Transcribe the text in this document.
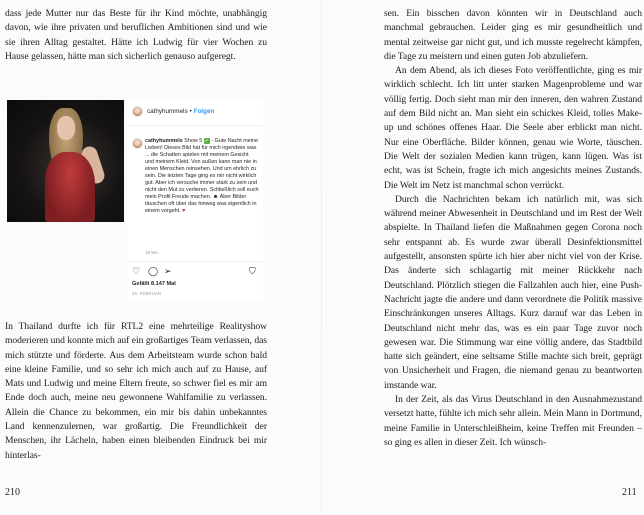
dass jede Mutter nur das Beste für ihr Kind möchte, unabhängig davon, wie ihre privaten und beruflichen Ambitionen sind und wie sie ihren Alltag gestaltet. Hätte ich Ludwig für vier Wochen zu Hause gelassen, hätte man sich sicherlich genauso aufgeregt.

cathyhummels • Folgen
cathyhummels Show 5 ✓ - Gute Nacht meine Lieben! Dieses Bild hat für mich irgendwie was ... die Schatten spielen mit meinem Gesicht und meinem Kleid. Von außen kann man nie in einen Menschen reinsehen. Und um ehrlich zu sein. Die letzten Tage ging es mir nicht wirklich gut. Aber ich versuche immer stark zu sein und nicht den Mut zu verlieren. Schließlich soll euch mein Profil Freude machen. ☻ Aber Bilder täuschen oft über das hinweg was eigentlich in einem vorgeht. ♥
18 Wo.
♡ ◯ ➢	⛉
Gefällt 8.147 Mal
25. FEBRUAR

In Thailand durfte ich für RTL2 eine mehrteilige Realityshow moderieren und konnte mich auf ein großartiges Team verlassen, das mich stützte und förderte. Aus dem Arbeitsteam wurde schon bald eine kleine Familie, und so sehr ich mich auch auf zu Hause, auf Mats und Ludwig und meine Eltern freute, so schwer fiel es mir am Ende doch auch, meine neu gewonnene Wahlfamilie zu verlassen. Allein die Chance zu bekommen, ein mir bis dahin unbekanntes Land kennenzulernen, war großartig. Die Freundlichkeit der Menschen, ihr Lächeln, haben einen bleibenden Eindruck bei mir hinterlas-

210

sen. Ein bisschen davon könnten wir in Deutschland auch manchmal gebrauchen. Leider ging es mir gesundheitlich und mental zeitweise gar nicht gut, und ich musste regelrecht kämpfen, die Tage zu meistern und einen guten Job abzuliefern.

An dem Abend, als ich dieses Foto veröffentlichte, ging es mir wirklich schlecht. Ich litt unter starken Magenprobleme und war völlig fertig. Doch sieht man mir den inneren, den wahren Zustand auf dem Bild nicht an. Man sieht ein schickes Kleid, tolles Make-up und schönes offenes Haar. Die Seele aber erblickt man nicht. Nur eine Oberfläche. Bilder können, genau wie Worte, täuschen. Die Welt der sozialen Medien kann trügen, kann lügen. Was ist echt, was ist Schein, fragte ich mich angesichts meines Zustands. Die Welt im Netz ist manchmal schon verrückt.

Durch die Nachrichten bekam ich natürlich mit, was sich während meiner Abwesenheit in Deutschland und im Rest der Welt abspielte. In Thailand liefen die Maßnahmen gegen Corona noch sehr entspannt ab. Es wurde zwar überall Desinfektionsmittel aufgestellt, ansonsten spürte ich hier aber nicht viel von der Krise. Das änderte sich schlagartig mit meiner Rückkehr nach Deutschland. Plötzlich stiegen die Fallzahlen auch hier, eine Push-Nachricht jagte die andere und dann verordnete die Politik massive Einschränkungen unseres Alltags. Kurz darauf war das Leben in Deutschland nicht mehr das, was es ein paar Tage zuvor noch gewesen war. Die Stimmung war eine völlig andere, das Stadtbild hatte sich geändert, eine seltsame Stille machte sich breit, geprägt von Unsicherheit und Fragen, die niemand genau zu beantworten imstande war.

In der Zeit, als das Virus Deutschland in den Ausnahmezustand versetzt hatte, fühlte ich mich sehr allein. Mein Mann in Dortmund, meine Familie in Unterschleißheim, keine Treffen mit Freunden – so ging es allen in dieser Zeit. Ich wünsch-

211
